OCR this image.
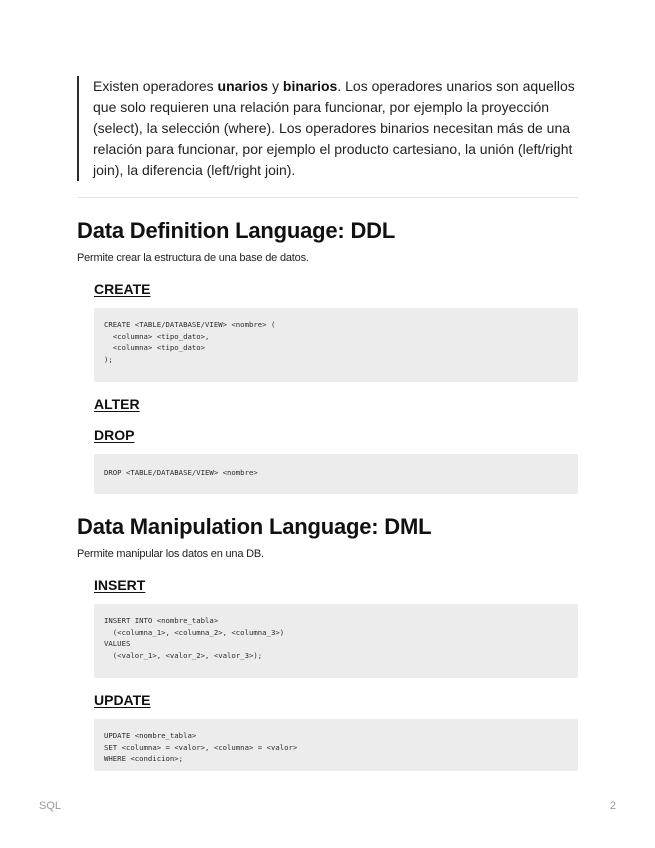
Existen operadores unarios y binarios. Los operadores unarios son aquellos que solo requieren una relación para funcionar, por ejemplo la proyección (select), la selección (where). Los operadores binarios necesitan más de una relación para funcionar, por ejemplo el producto cartesiano, la unión (left/right join), la diferencia (left/right join).
Data Definition Language: DDL
Permite crear la estructura de una base de datos.
CREATE
CREATE <TABLE/DATABASE/VIEW> <nombre> (
<columna> <tipo_dato>,
<columna> <tipo_dato>
);
ALTER
DROP
DROP <TABLE/DATABASE/VIEW> <nombre>
Data Manipulation Language: DML
Permite manipular los datos en una DB.
INSERT
INSERT INTO <nombre_tabla>
(<columna_1>, <columna_2>, <columna_3>)
VALUES
(<valor_1>, <valor_2>, <valor_3>);
UPDATE
UPDATE <nombre_tabla>
SET <columna> = <valor>, <columna> = <valor>
WHERE <condicion>;
SQL	2
